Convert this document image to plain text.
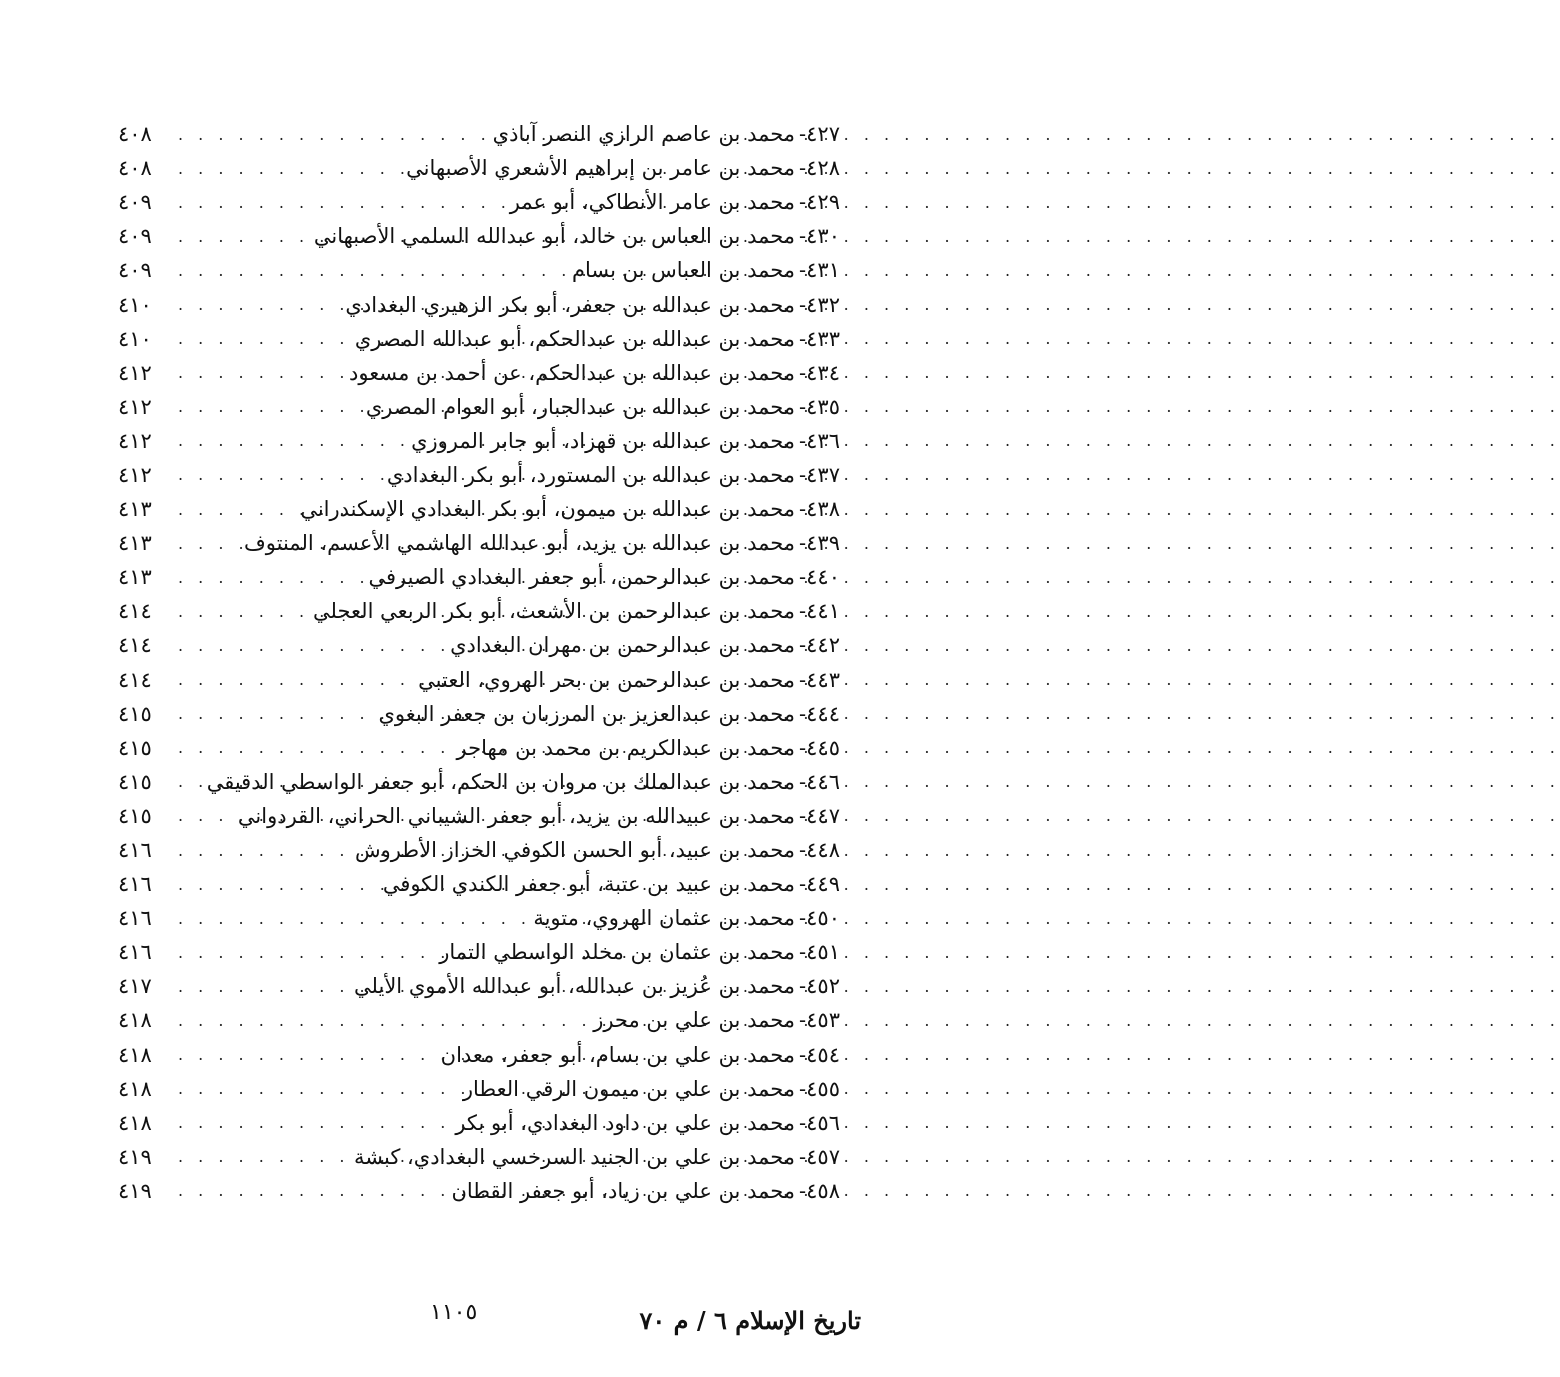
٤٢٧-
محمد بن عاصم الرازي النصر آباذي
. . .
٤٠٨
٤٢٨-
محمد بن عامر بن إبراهيم الأشعري الأصبهاني
. . .
٤٠٨
٤٢٩-
محمد بن عامر الأنطاكي، أبو عمر
. . .
٤٠٩
٤٣٠-
محمد بن العباس بن خالد، أبو عبدالله السلمي الأصبهاني
. . .
٤٠٩
٤٣١-
محمد بن العباس بن بسام
. . .
٤٠٩
٤٣٢-
محمد بن عبدالله بن جعفر، أبو بكر الزهيري البغدادي
. . .
٤١٠
٤٣٣-
محمد بن عبدالله بن عبدالحكم، أبو عبدالله المصري
. . .
٤١٠
٤٣٤-
محمد بن عبدالله بن عبدالحكم، عن أحمد بن مسعود
. . .
٤١٢
٤٣٥-
محمد بن عبدالله بن عبدالجبار، أبو العوام المصري
. . .
٤١٢
٤٣٦-
محمد بن عبدالله بن قهزاد، أبو جابر المروزي
. . .
٤١٢
٤٣٧-
محمد بن عبدالله بن المستورد، أبو بكر البغدادي
. . .
٤١٢
٤٣٨-
محمد بن عبدالله بن ميمون، أبو بكر البغدادي الإسكندراني
. . .
٤١٣
٤٣٩-
محمد بن عبدالله بن يزيد، أبو عبدالله الهاشمي الأعسم، المنتوف
. . .
٤١٣
٤٤٠-
محمد بن عبدالرحمن، أبو جعفر البغدادي الصيرفي
. . .
٤١٣
٤٤١-
محمد بن عبدالرحمن بن الأشعث، أبو بكر الربعي العجلي
. . .
٤١٤
٤٤٢-
محمد بن عبدالرحمن بن مهران البغدادي
. . .
٤١٤
٤٤٣-
محمد بن عبدالرحمن بن بحر الهروي، العتبي
. . .
٤١٤
٤٤٤-
محمد بن عبدالعزيز بن المرزبان بن جعفر البغوي
. . .
٤١٥
٤٤٥-
محمد بن عبدالكريم بن محمد بن مهاجر
. . .
٤١٥
٤٤٦-
محمد بن عبدالملك بن مروان بن الحكم، أبو جعفر الواسطي الدقيقي
. . .
٤١٥
٤٤٧-
محمد بن عبيدالله بن يزيد، أبو جعفر الشيباني الحراني، القردواني
. . .
٤١٥
٤٤٨-
محمد بن عبيد، أبو الحسن الكوفي الخزاز الأطروش
. . .
٤١٦
٤٤٩-
محمد بن عبيد بن عتبة، أبو جعفر الكندي الكوفي
. . .
٤١٦
٤٥٠-
محمد بن عثمان الهروي، متوية
. . .
٤١٦
٤٥١-
محمد بن عثمان بن مخلد الواسطي التمار
. . .
٤١٦
٤٥٢-
محمد بن عُزيز بن عبدالله، أبو عبدالله الأموي الأيلي
. . .
٤١٧
٤٥٣-
محمد بن علي بن محرز
. . .
٤١٨
٤٥٤-
محمد بن علي بن بسام، أبو جعفر، معدان
. . .
٤١٨
٤٥٥-
محمد بن علي بن ميمون الرقي العطار
. . .
٤١٨
٤٥٦-
محمد بن علي بن داود البغدادي، أبو بكر
. . .
٤١٨
٤٥٧-
محمد بن علي بن الجنيد السرخسي البغدادي، كبشة
. . .
٤١٩
٤٥٨-
محمد بن علي بن زياد، أبو جعفر القطان
. . .
٤١٩
١١٠٥	تاريخ الإسلام ٦ / م ٧٠
